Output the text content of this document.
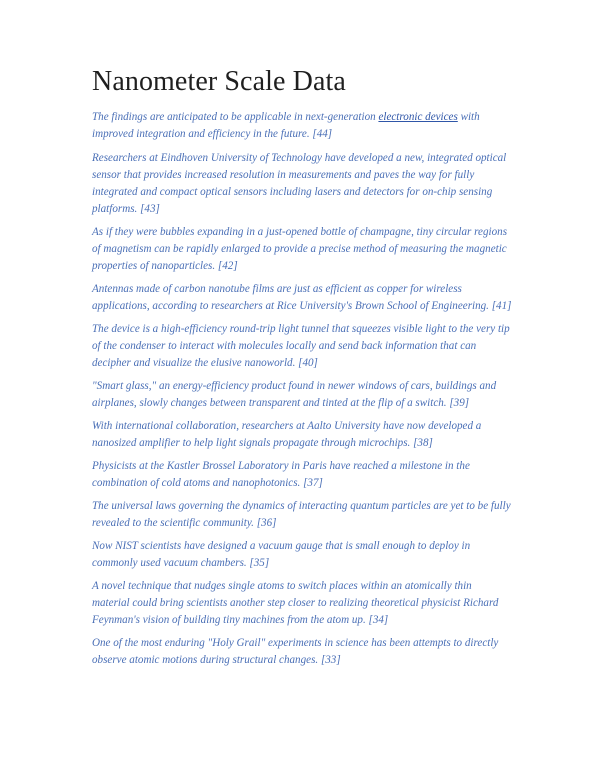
Nanometer Scale Data

The findings are anticipated to be applicable in next-generation electronic devices with improved integration and efficiency in the future. [44]

Researchers at Eindhoven University of Technology have developed a new, integrated optical sensor that provides increased resolution in measurements and paves the way for fully integrated and compact optical sensors including lasers and detectors for on-chip sensing platforms. [43]

As if they were bubbles expanding in a just-opened bottle of champagne, tiny circular regions of magnetism can be rapidly enlarged to provide a precise method of measuring the magnetic properties of nanoparticles. [42]

Antennas made of carbon nanotube films are just as efficient as copper for wireless applications, according to researchers at Rice University's Brown School of Engineering. [41]

The device is a high-efficiency round-trip light tunnel that squeezes visible light to the very tip of the condenser to interact with molecules locally and send back information that can decipher and visualize the elusive nanoworld. [40]

"Smart glass," an energy-efficiency product found in newer windows of cars, buildings and airplanes, slowly changes between transparent and tinted at the flip of a switch. [39]

With international collaboration, researchers at Aalto University have now developed a nanosized amplifier to help light signals propagate through microchips. [38]

Physicists at the Kastler Brossel Laboratory in Paris have reached a milestone in the combination of cold atoms and nanophotonics. [37]

The universal laws governing the dynamics of interacting quantum particles are yet to be fully revealed to the scientific community. [36]

Now NIST scientists have designed a vacuum gauge that is small enough to deploy in commonly used vacuum chambers. [35]

A novel technique that nudges single atoms to switch places within an atomically thin material could bring scientists another step closer to realizing theoretical physicist Richard Feynman's vision of building tiny machines from the atom up. [34]

One of the most enduring "Holy Grail" experiments in science has been attempts to directly observe atomic motions during structural changes. [33]
